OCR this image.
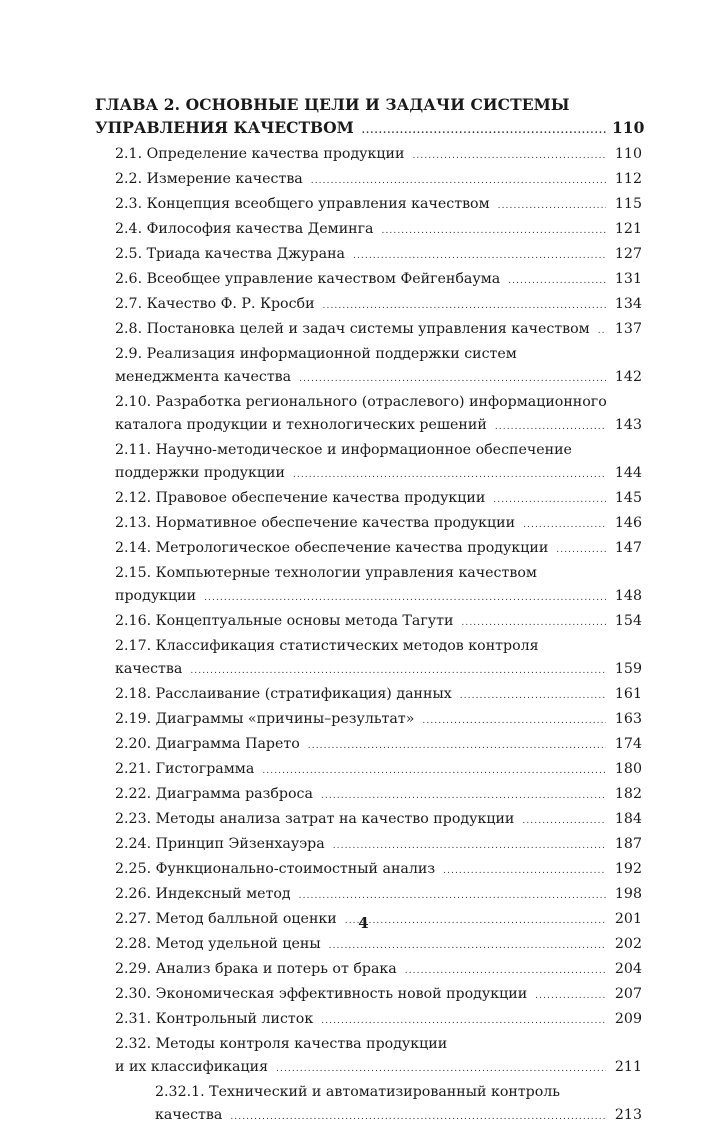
ГЛАВА 2. ОСНОВНЫЕ ЦЕЛИ И ЗАДАЧИ СИСТЕМЫ
УПРАВЛЕНИЯ КАЧЕСТВОМ .....	110
2.1. Определение качества продукции .....	110
2.2. Измерение качества .....	112
2.3. Концепция всеобщего управления качеством .....	115
2.4. Философия качества Деминга .....	121
2.5. Триада качества Джурана .....	127
2.6. Всеобщее управление качеством Фейгенбаума .....	131
2.7. Качество Ф. Р. Кросби .....	134
2.8. Постановка целей и задач системы управления качеством ..... 137
2.9. Реализация информационной поддержки систем
менеджмента качества .....	142
2.10. Разработка регионального (отраслевого) информационного
каталога продукции и технологических решений .....	143
2.11. Научно-методическое и информационное обеспечение
поддержки продукции .....	144
2.12. Правовое обеспечение качества продукции .....	145
2.13. Нормативное обеспечение качества продукции .....	146
2.14. Метрологическое обеспечение качества продукции .....	147
2.15. Компьютерные технологии управления качеством
продукции .....	148
2.16. Концептуальные основы метода Тагути .....	154
2.17. Классификация статистических методов контроля
качества .....	159
2.18. Расслаивание (стратификация) данных .....	161
2.19. Диаграммы «причины–результат» .....	163
2.20. Диаграмма Парето .....	174
2.21. Гистограмма .....	180
2.22. Диаграмма разброса .....	182
2.23. Методы анализа затрат на качество продукции .....	184
2.24. Принцип Эйзенхауэра .....	187
2.25. Функционально-стоимостный анализ .....	192
2.26. Индексный метод .....	198
2.27. Метод балльной оценки .....	201
2.28. Метод удельной цены .....	202
2.29. Анализ брака и потерь от брака .....	204
2.30. Экономическая эффективность новой продукции .....	207
2.31. Контрольный листок .....	209
2.32. Методы контроля качества продукции
и их классификация .....	211
2.32.1. Технический и автоматизированный контроль
качества .....	213
4
